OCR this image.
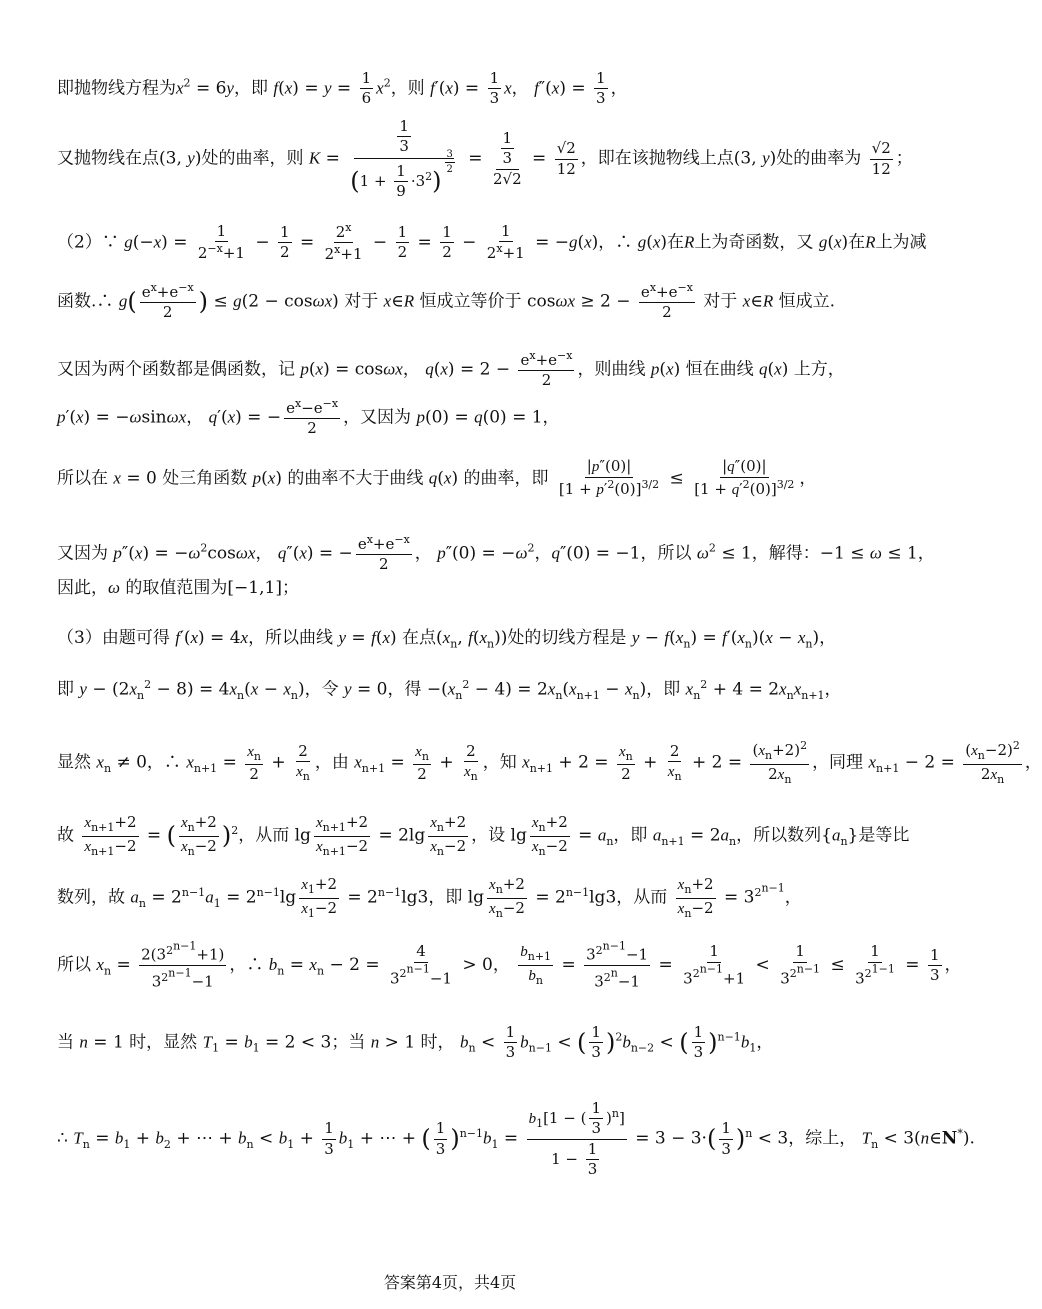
即抛物线方程为$x^2 = 6y$，即 $f(x) = y = \frac{1}{6} x^2$，则 $f'(x) = \frac{1}{3}$ x， $f''(x) = \frac{1}{3}$ ，
又抛物线在点(3, y)处的曲率，则 $K = \frac{1}{3}$
$(1 + \frac{1}{9} \cdot 3^2)$
$^{\frac{3}{2}} = \frac{\frac{1}{3}}{2√2} = \frac{√2}{12}$ ，即在该抛物线上点(3, y)处的曲率为 $\frac{√2}{12}$ ；
（2）∵ $g(-x) = \frac{1}{2^{-x}+1} - \frac{1}{2} = \frac{2^x}{2^x+1} - \frac{1}{2} = \frac{1}{2} - \frac{1}{2^x+1} = -g(x)$，∴ g(x)在R上为奇函数，又 g(x)在R上为减
函数.∴ $g( \frac{e^x+e^{-x}}{2}$ ) ≤ g(2 − cosωx) 对于 x∈R 恒成立等价于 $\cos\omega x \ge 2 - \frac{e^x+e^{-x}}{2}$ 对于 x∈R 恒成立.
又因为两个函数都是偶函数，记 p(x) = cosωx， $q(x) = 2 - \frac{e^x+e^{-x}}{2}$ ，则曲线 p(x) 恒在曲线 q(x) 上方，
p′(x) = −ωsinωx， q′(x) = − $\frac{e^x-e^{-x}}{2}$ ，又因为 p(0) = q(0) = 1，
所以在 x = 0 处三角函数 p(x) 的曲率不大于曲线 q(x) 的曲率，即 $\frac{|p''(0)|}{[1 + p'^2(0)]^{3/2}} \le \frac{|q''(0)|}{[1 + q'^2(0)]^{3/2}}$ ，
又因为 $p''(x) = -\omega^2\cos\omega x$， q″(x) = − $\frac{e^x+e^{-x}}{2}$ ， $p''(0) = -\omega^2$，q″(0) = −1，所以 $\omega^2 \le 1$，解得：−1 ≤ ω ≤ 1，
因此，ω 的取值范围为[−1,1]；
（3）由题可得 f′(x) = 4x，所以曲线 y = f(x) 在点($x_n$, $f(x_n)$)处的切线方程是 $y - f(x_n) = f'(x_n)(x - x_n)$，
即 $y - (2x_n^2 - 8) = 4x_n(x - x_n)$，令 y = 0，得 $-(x_n^2 - 4) = 2x_n(x_{n+1} - x_n)$，即 $x_n^2 + 4 = 2x_nx_{n+1}$，
显然 $x_n \ne 0$，∴ $x_{n+1} = \frac{x_n}{2} + \frac{2}{x_n}$ ，由 $x_{n+1} = \frac{x_n}{2} + \frac{2}{x_n}$ ，知 $x_{n+1} + 2 = \frac{x_n}{2} + \frac{2}{x_n} + 2 = \frac{(x_n+2)^2}{2x_n}$ ，同理 $x_{n+1} - 2 = \frac{(x_n-2)^2}{2x_n}$ ，
故 $\frac{x_{n+1}+2}{x_{n+1}-2}$ = ( $\frac{x_n+2}{x_n-2} )^2$，从而 $\lg \frac{x_{n+1}+2}{x_{n+1}-2} = 2\lg \frac{x_n+2}{x_n-2}$ ，设 $\lg \frac{x_n+2}{x_n-2} = a_n$，即 $a_{n+1} = 2a_n$，所以数列$\{a_n\}$是等比
数列，故 $a_n = 2^{n-1}a_1 = 2^{n-1}\lg \frac{x_1+2}{x_1-2} = 2^{n-1}\lg 3$，即 $\lg \frac{x_n+2}{x_n-2} = 2^{n-1}\lg 3$，从而 $\frac{x_n+2}{x_n-2} = 3^{2^{n-1}}$，
所以 $x_n = \frac{2(3^{2^{n-1}}+1)}{3^{2^{n-1}}-1}$ ，∴ $b_n = x_n - 2 = \frac{4}{3^{2^{n-1}}-1} > 0$， $\frac{b_{n+1}}{b_n} = \frac{3^{2^{n-1}}-1}{3^{2^n}-1} = \frac{1}{3^{2^{n-1}}+1} < \frac{1}{3^{2^{n-1}}} \le \frac{1}{3^{2^{1-1}}} = \frac{1}{3}$ ，
当 n = 1 时，显然 $T_1 = b_1 = 2 < 3$；当 n > 1 时， $b_n < \frac{1}{3} b_{n-1}$ < ( $\frac{1}{3} )^2b_{n-2}$ < ( $\frac{1}{3} )^{n-1}b_1$，
∴ $T_n = b_1 + b_2$ + ⋯ + $b_n < b_1 + \frac{1}{3} b_1$ + ⋯ + ( $\frac{1}{3} )^{n-1}b_1 = \frac{b_1[1 - ( \frac{1}{3} )^n]}{1 - \frac{1}{3}} = 3 - 3\cdot( \frac{1}{3} )^n < 3$，综上， $T_n$ < 3(n∈N*).
答案第4页，共4页
